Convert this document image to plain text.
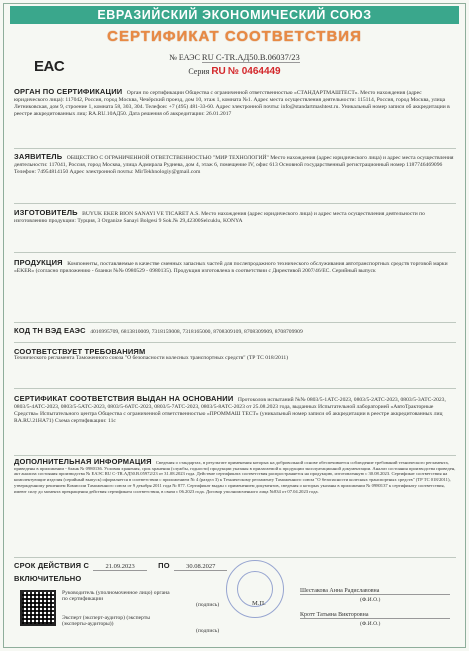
ЕВРАЗИЙСКИЙ ЭКОНОМИЧЕСКИЙ СОЮЗ
EAC
СЕРТИФИКАТ СООТВЕТСТВИЯ
№ ЕАЭС RU С-TR.АД50.В.06037/23
Серия RU № 0464449
ОРГАН ПО СЕРТИФИКАЦИИ Орган по сертификации Общества с ограниченной ответственностью «СТАНДАРТМАШТЕСТ». Место нахождения (адрес юридического лица): 117042, Россия, город Москва, Чечёрский проезд, дом 10, этаж 1, комната №1. Адрес места осуществления деятельности: 115114, Россия, город Москва, улица Летниковская, дом 9, строение 1, комната 58, 303, 304. Телефон: +7 (495) 481-33-60. Адрес электронной почты: info@standartmashtest.ru. Уникальный номер записи об аккредитации в реестре аккредитованных лиц: RA.RU.10АД50. Дата решения об аккредитации: 26.01.2017
ЗАЯВИТЕЛЬ ОБЩЕСТВО С ОГРАНИЧЕННОЙ ОТВЕТСТВЕННОСТЬЮ "МИР ТЕХНОЛОГИЙ" Место нахождения (адрес юридического лица) и адрес места осуществления деятельности: 117041, Россия, город Москва, улица Адмирала Руднева, дом 4, этаж 6, помещение IV, офис 613 Основной государственный регистрационный номер 1187746469096 Телефон: 74954814150 Адрес электронной почты: MirTekhnologiy@gmail.com
ИЗГОТОВИТЕЛЬ BUYUK EKER BION SANAYI VE TICARET A.S. Место нахождения (адрес юридического лица) и адрес места осуществления деятельности по изготовлению продукции: Турция, 3 Organize Sanayi Bolgesi 9 Sok.№ 29,42300Selcuklu, KONYA
ПРОДУКЦИЯ Компоненты, поставляемые в качестве сменных запасных частей для послепродажного технического обслуживания автотранспортных средств торговой марки «EKER» (согласно приложению - бланки №№ 0980529 - 0980135). Продукция изготовлена в соответствии с Директивой 2007/46/ЕС. Серийный выпуск
КОД ТН ВЭД ЕАЭС 4016995709, 6813810009, 7318159008, 7318165000, 8708309109, 8708309909, 8708709909
СООТВЕТСТВУЕТ ТРЕБОВАНИЯМ
Технического регламента Таможенного союза "О безопасности колесных транспортных средств" (ТР ТС 018/2011)
СЕРТИФИКАТ СООТВЕТСТВИЯ ВЫДАН НА ОСНОВАНИИ Протоколов испытаний №№ 0803/5-1АТС-2023, 0803/5-2АТС-2023, 0803/5-3АТС-2023, 0803/5-4АТС-2023, 0803/5-5АТС-2023, 0803/5-6АТС-2023, 0803/5-7АТС-2023, 0803/5-8АТС-2023 от 25.08.2023 года, выданных Испытательной лабораторией «АвтоТракторные Средства» Испытательного центра Общества с ограниченной ответственностью «ПРОММАШ ТЕСТ» (уникальный номер записи об аккредитации в реестре аккредитованных лиц RA.RU.21НА71) Схема сертификации: 11с
ДОПОЛНИТЕЛЬНАЯ ИНФОРМАЦИЯ Сведения о стандартах, в результате применения которых на добровольной основе обеспечивается соблюдение требований технического регламента, приведены в приложении - бланк № 0980136. Условия хранения, срок хранения (службы, годности) продукции указаны в прилагаемой к продукции эксплуатационной документации. Анализ состояния производства проведен, акт анализа состояния производства № ЕАЭС RU С-TR.АД50.В.05972/23 от 31.08.2023 года. Действие сертификата соответствия распространяется на продукцию, изготовленную с 30.08.2023. Сертификат соответствия на комплектующие изделия (серийный выпуск) оформляется в соответствии с приложением № 4 (раздел 3) к Техническому регламенту Таможенного союза "О безопасности колесных транспортных средств" (ТР ТС 018/2011), утвержденному решением Комиссии Таможенного союза от 9 декабря 2011 года № 877. Сертификат выдан с применением документов, сведения о которых указаны в приложении № 0980137 к сертификату соответствия, имеют силу до момента прекращения действия сертификата соответствия, в связи с 06.2023 года. Договор уполномоченного лица №834 от 07.04.2023 года.
СРОК ДЕЙСТВИЯ С	21.09.2023	ПО	30.08.2027
ВКЛЮЧИТЕЛЬНО
Руководитель (уполномоченное лицо) органа по сертификации
(подпись)	М.П.
Шестакова Анна Радиславовна
(Ф.И.О.)
Эксперт (эксперт-аудитор) (эксперты (эксперты-аудиторы))
(подпись)
Кротт Татьяна Викторовна
(Ф.И.О.)
